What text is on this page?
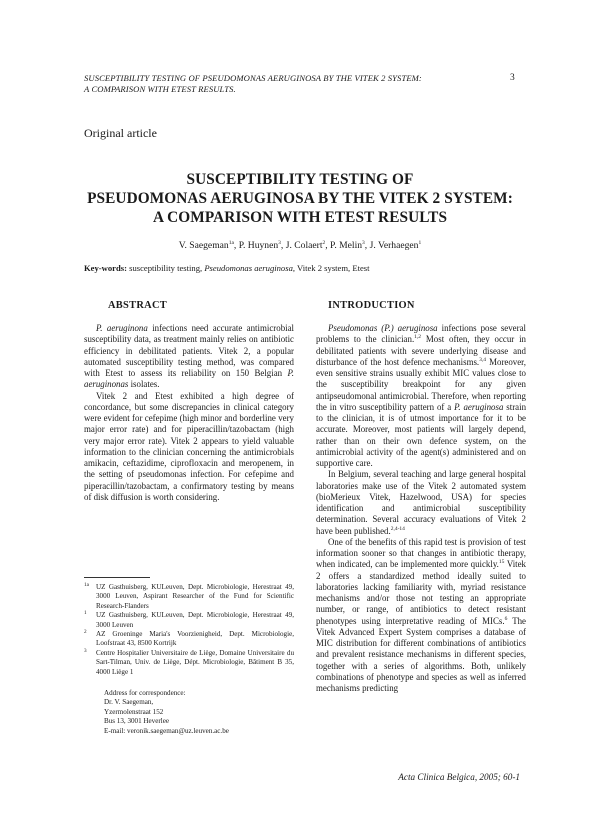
SUSCEPTIBILITY TESTING OF PSEUDOMONAS AERUGINOSA BY THE VITEK 2 SYSTEM:
A COMPARISON WITH ETEST RESULTS.
3
Original article
SUSCEPTIBILITY TESTING OF
PSEUDOMONAS AERUGINOSA BY THE VITEK 2 SYSTEM:
A COMPARISON WITH ETEST RESULTS
V. Saegeman$^{1a}$, P. Huynen$^3$, J. Colaert$^2$, P. Melin$^3$, J. Verhaegen$^1$
Key-words: susceptibility testing, Pseudomonas aeruginosa, Vitek 2 system, Etest
ABSTRACT

P. aeruginona infections need accurate antimicrobial susceptibility data, as treatment mainly relies on antibiotic efficiency in debilitated patients. Vitek 2, a popular automated susceptibility testing method, was compared with Etest to assess its reliability on 150 Belgian P. aeruginonas isolates.

Vitek 2 and Etest exhibited a high degree of concordance, but some discrepancies in clinical category were evident for cefepime (high minor and borderline very major error rate) and for piperacillin/tazobactam (high very major error rate). Vitek 2 appears to yield valuable information to the clinician concerning the antimicrobials amikacin, ceftazidime, ciprofloxacin and meropenem, in the setting of pseudomonas infection. For cefepime and piperacillin/tazobactam, a confirmatory testing by means of disk diffusion is worth considering.

1a UZ Gasthuisberg, KULeuven, Dept. Microbiologie, Herestraat 49, 3000 Leuven, Aspirant Researcher of the Fund for Scientific Research-Flanders
1 UZ Gasthuisberg, KULeuven, Dept. Microbiologie, Herestraat 49, 3000 Leuven
2 AZ Groeninge Maria's Voorzienigheid, Dept. Microbiologie, Loofstraat 43, 8500 Kortrijk
3 Centre Hospitalier Universitaire de Liège, Domaine Universitaire du Sart-Tilman, Univ. de Liège, Dépt. Microbiologie, Bâtiment B 35, 4000 Liège 1
Address for correspondence:
Dr. V. Saegeman,
Yzermolenstraat 152
Bus 13, 3001 Heverlee
E-mail: veronik.saegeman@uz.leuven.ac.be
INTRODUCTION

Pseudomonas (P.) aeruginosa infections pose several problems to the clinician.$^{1,2}$ Most often, they occur in debilitated patients with severe underlying disease and disturbance of the host defence mechanisms.$^{3,4}$ Moreover, even sensitive strains usually exhibit MIC values close to the susceptibility breakpoint for any given antipseudomonal antimicrobial. Therefore, when reporting the in vitro susceptibility pattern of a P. aeruginosa strain to the clinician, it is of utmost importance for it to be accurate. Moreover, most patients will largely depend, rather than on their own defence system, on the antimicrobial activity of the agent(s) administered and on supportive care.

In Belgium, several teaching and large general hospital laboratories make use of the Vitek 2 automated system (bioMerieux Vitek, Hazelwood, USA) for species identification and antimicrobial susceptibility determination. Several accuracy evaluations of Vitek 2 have been published.$^{2,4-14}$

One of the benefits of this rapid test is provision of test information sooner so that changes in antibiotic therapy, when indicated, can be implemented more quickly.$^{15}$ Vitek 2 offers a standardized method ideally suited to laboratories lacking familiarity with, myriad resistance mechanisms and/or those not testing an appropriate number, or range, of antibiotics to detect resistant phenotypes using interpretative reading of MICs.$^6$ The Vitek Advanced Expert System comprises a database of MIC distribution for different combinations of antibiotics and prevalent resistance mechanisms in different species, together with a series of algorithms. Both, unlikely combinations of phenotype and species as well as inferred mechanisms predicting

Acta Clinica Belgica, 2005; 60-1
